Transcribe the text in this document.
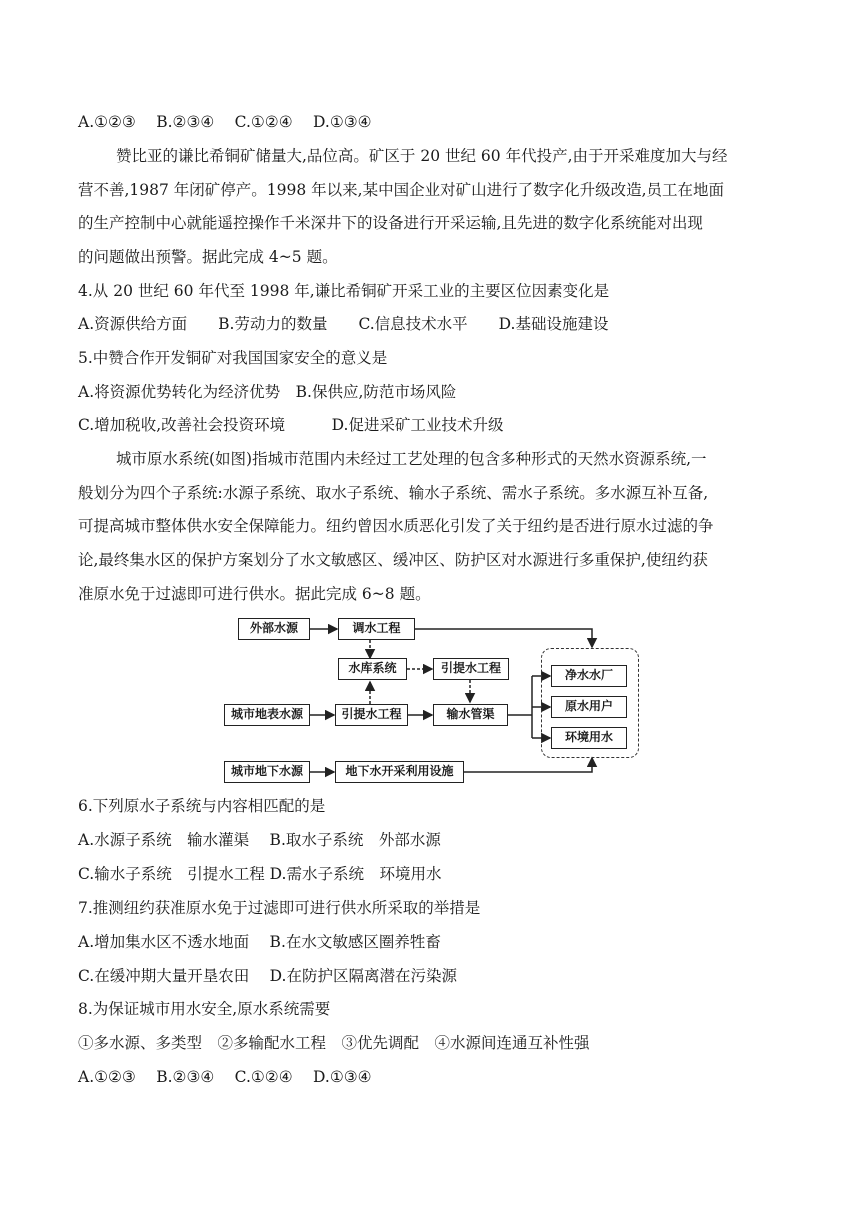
A.①②③　 B.②③④　 C.①②④　 D.①③④
赞比亚的谦比希铜矿储量大,品位高。矿区于 20 世纪 60 年代投产,由于开采难度加大与经
营不善,1987 年闭矿停产。1998 年以来,某中国企业对矿山进行了数字化升级改造,员工在地面
的生产控制中心就能遥控操作千米深井下的设备进行开采运输,且先进的数字化系统能对出现
的问题做出预警。据此完成 4~5 题。
4.从 20 世纪 60 年代至 1998 年,谦比希铜矿开采工业的主要区位因素变化是
A.资源供给方面　　B.劳动力的数量　　C.信息技术水平　　D.基础设施建设
5.中赞合作开发铜矿对我国国家安全的意义是
A.将资源优势转化为经济优势　B.保供应,防范市场风险
C.增加税收,改善社会投资环境　　　D.促进采矿工业技术升级
城市原水系统(如图)指城市范围内未经过工艺处理的包含多种形式的天然水资源系统,一
般划分为四个子系统:水源子系统、取水子系统、输水子系统、需水子系统。多水源互补互备,
可提高城市整体供水安全保障能力。纽约曾因水质恶化引发了关于纽约是否进行原水过滤的争
论,最终集水区的保护方案划分了水文敏感区、缓冲区、防护区对水源进行多重保护,使纽约获
准原水免于过滤即可进行供水。据此完成 6~8 题。
外部水源	调水工程
水库系统	引提水工程
城市地表水源	引提水工程	输水管渠
城市地下水源	地下水开采利用设施
净水水厂
原水用户
环境用水
6.下列原水子系统与内容相匹配的是
A.水源子系统　输水灌渠　 B.取水子系统　外部水源
C.输水子系统　引提水工程 D.需水子系统　环境用水
7.推测纽约获准原水免于过滤即可进行供水所采取的举措是
A.增加集水区不透水地面　 B.在水文敏感区圈养牲畜
C.在缓冲期大量开垦农田　 D.在防护区隔离潜在污染源
8.为保证城市用水安全,原水系统需要
①多水源、多类型　②多输配水工程　③优先调配　④水源间连通互补性强
A.①②③　 B.②③④　 C.①②④　 D.①③④
